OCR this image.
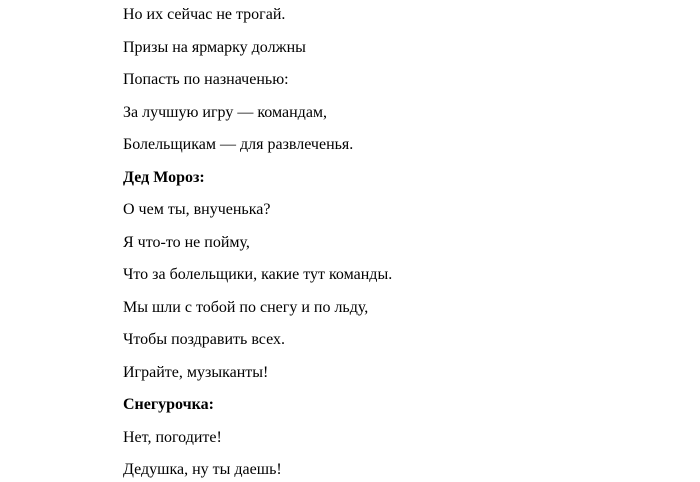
Но их сейчас не трогай.
Призы на ярмарку должны
Попасть по назначенью:
За лучшую игру — командам,
Болельщикам — для развлеченья.
Дед Мороз:
О чем ты, внученька?
Я что-то не пойму,
Что за болельщики, какие тут команды.
Мы шли с тобой по снегу и по льду,
Чтобы поздравить всех.
Играйте, музыканты!
Снегурочка:
Нет, погодите!
Дедушка, ну ты даешь!
